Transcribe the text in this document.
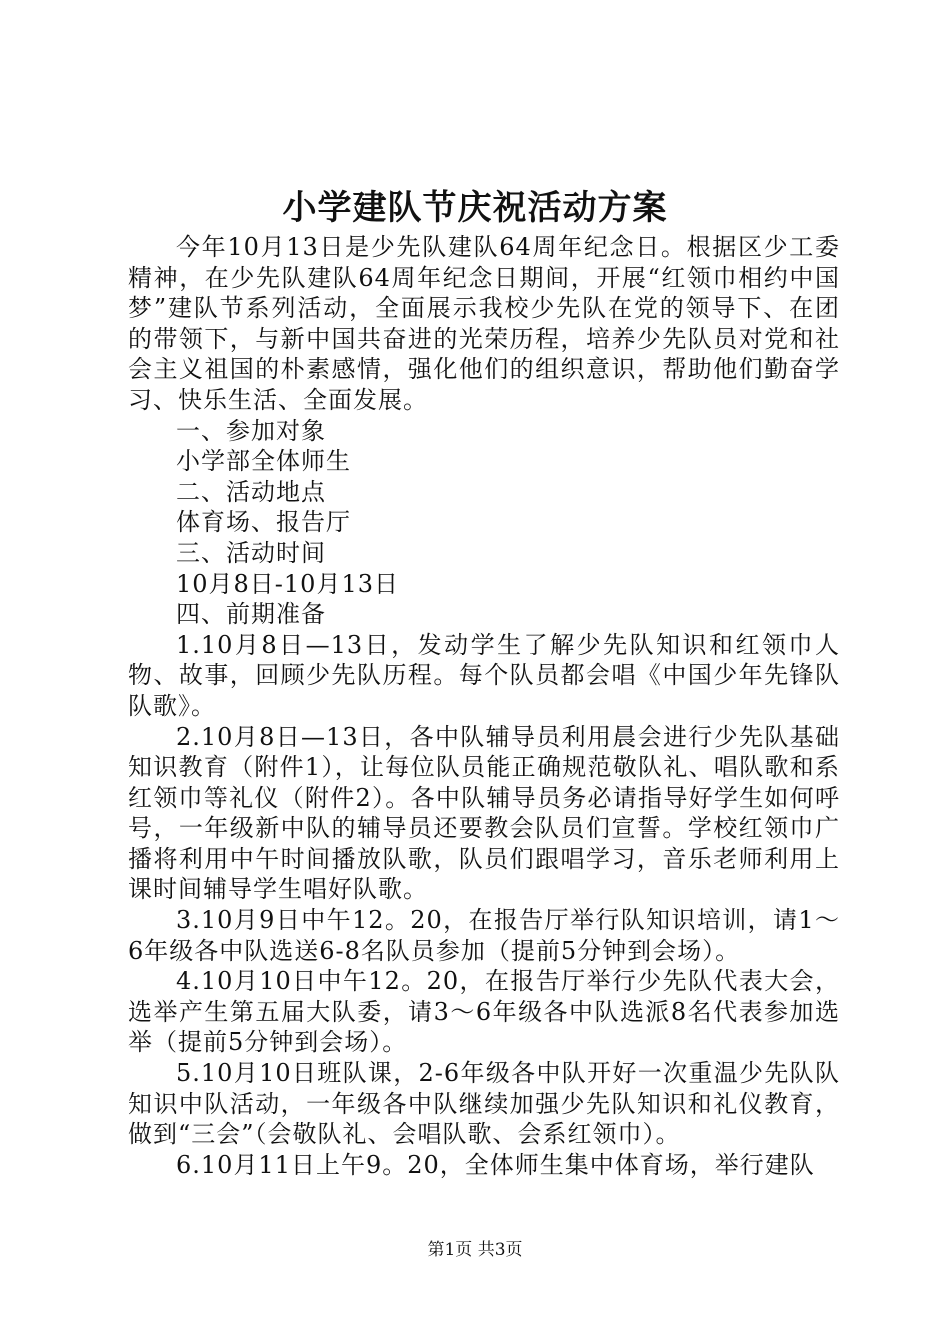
小学建队节庆祝活动方案

今年10月13日是少先队建队64周年纪念日。根据区少工委精神，在少先队建队64周年纪念日期间，开展“红领巾相约中国梦”建队节系列活动，全面展示我校少先队在党的领导下、在团的带领下，与新中国共奋进的光荣历程，培养少先队员对党和社会主义祖国的朴素感情，强化他们的组织意识，帮助他们勤奋学习、快乐生活、全面发展。

一、参加对象

小学部全体师生

二、活动地点

体育场、报告厅

三、活动时间

10月8日-10月13日

四、前期准备

1.10月8日—13日，发动学生了解少先队知识和红领巾人物、故事，回顾少先队历程。每个队员都会唱《中国少年先锋队队歌》。

2.10月8日—13日，各中队辅导员利用晨会进行少先队基础知识教育（附件1），让每位队员能正确规范敬队礼、唱队歌和系红领巾等礼仪（附件2）。各中队辅导员务必请指导好学生如何呼号，一年级新中队的辅导员还要教会队员们宣誓。学校红领巾广播将利用中午时间播放队歌，队员们跟唱学习，音乐老师利用上课时间辅导学生唱好队歌。

3.10月9日中午12。20，在报告厅举行队知识培训，请1～6年级各中队选送6-8名队员参加（提前5分钟到会场）。

4.10月10日中午12。20，在报告厅举行少先队代表大会，选举产生第五届大队委，请3～6年级各中队选派8名代表参加选举（提前5分钟到会场）。

5.10月10日班队课，2-6年级各中队开好一次重温少先队队知识中队活动，一年级各中队继续加强少先队知识和礼仪教育，做到“三会”（会敬队礼、会唱队歌、会系红领巾）。

6.10月11日上午9。20，全体师生集中体育场，举行建队

第1页 共3页
